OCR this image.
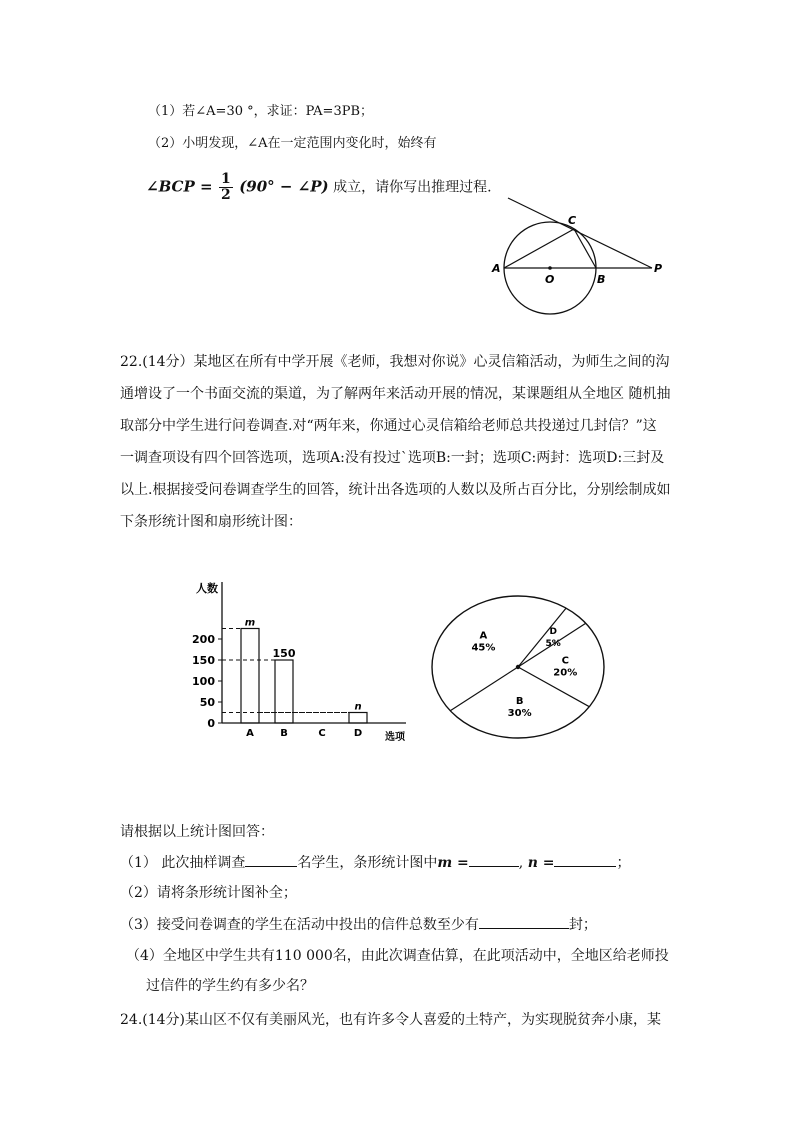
（1）若∠A=30 °，求证：PA=3PB；
（2）小明发现，∠A在一定范围内变化时，始终有
∠BCP = $\frac{1}{2} (90^\circ$ − ∠P) 成立，请你写出推理过程.
A
C
O	B
P
22.(14分）某地区在所有中学开展《老师，我想对你说》心灵信箱活动，为师生之间的沟
通增设了一个书面交流的渠道，为了解两年来活动开展的情况，某课题组从全地区 随机抽
取部分中学生进行问卷调查.对“两年来，你通过心灵信箱给老师总共投递过几封信？”这
一调查项设有四个回答选项，选项A:没有投过`选项B:一封；选项C:两封：选项D:三封及
以上.根据接受问卷调查学生的回答，统计出各选项的人数以及所占百分比，分别绘制成如
下条形统计图和扇形统计图：
人数
选项
0
50
100
150
200
A
m
B
150
C	D
n
D
5%
C
20%
B
30%
A
45%
请根据以上统计图回答：
（1） 此次抽样调查	名学生，条形统计图中m =	, n =	；
（2）请将条形统计图补全；
（3）接受问卷调查的学生在活动中投出的信件总数至少有	封；
（4）全地区中学生共有110 000名，由此次调查估算，在此项活动中，全地区给老师投
过信件的学生约有多少名？
24.(14分)某山区不仅有美丽风光，也有许多令人喜爱的土特产，为实现脱贫奔小康，某
